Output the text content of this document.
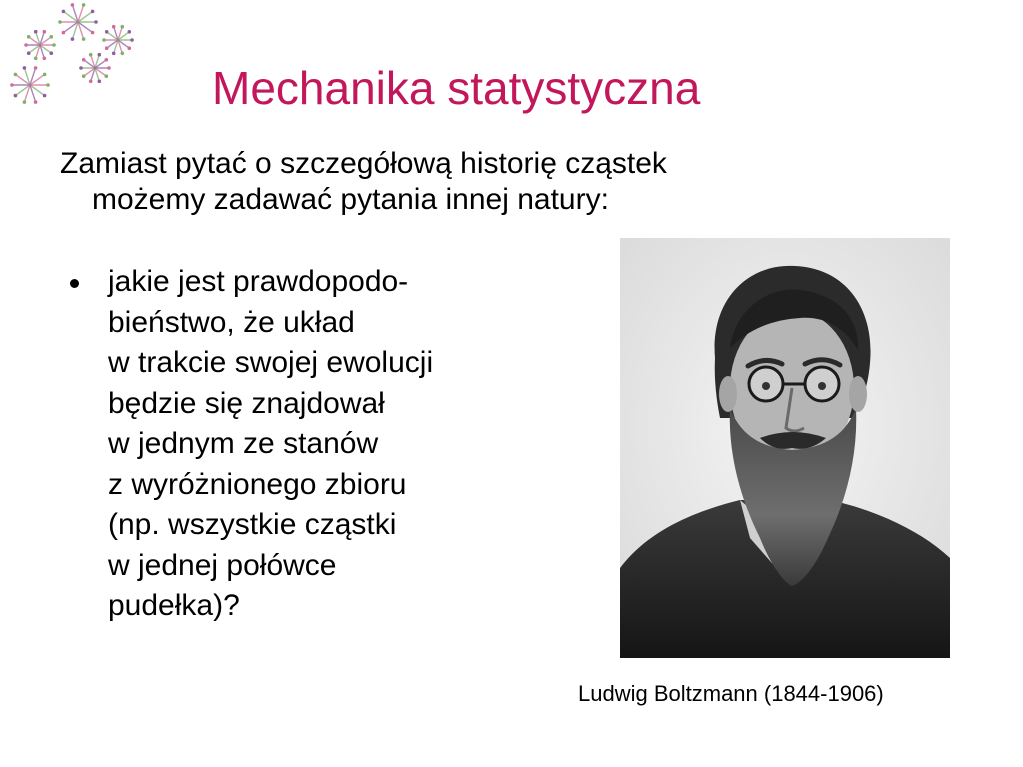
Mechanika statystyczna
Zamiast pytać o szczegółową historię cząstek
możemy zadawać pytania innej natury:
jakie jest prawdopodo-
bieństwo, że układ
w trakcie swojej ewolucji
będzie się znajdował
w jednym ze stanów
z wyróżnionego zbioru
(np. wszystkie cząstki
w jednej połówce
pudełka)?
Ludwig Boltzmann (1844-1906)
